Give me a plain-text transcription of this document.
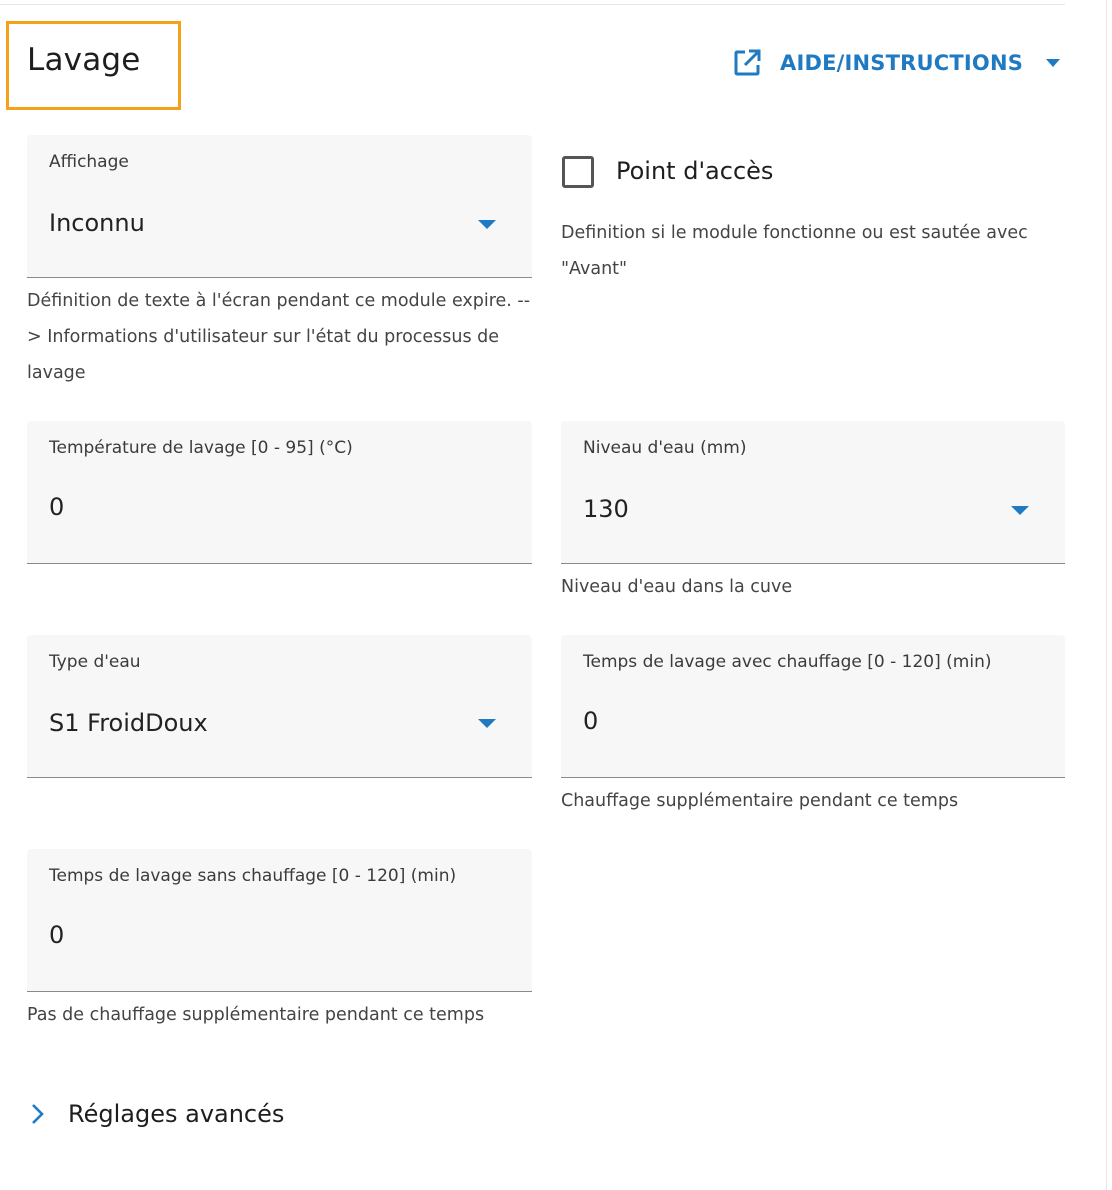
Lavage	AIDE/INSTRUCTIONS
Affichage
Inconnu
Définition de texte à l'écran pendant ce module expire. --> Informations d'utilisateur sur l'état du processus de lavage
Point d'accès
Definition si le module fonctionne ou est sautée avec "Avant"
Température de lavage [0 - 95] (°C)
0
Niveau d'eau (mm)
130
Niveau d'eau dans la cuve
Type d'eau
S1 FroidDoux
Temps de lavage avec chauffage [0 - 120] (min)
0
Chauffage supplémentaire pendant ce temps
Temps de lavage sans chauffage [0 - 120] (min)
0
Pas de chauffage supplémentaire pendant ce temps
Réglages avancés
